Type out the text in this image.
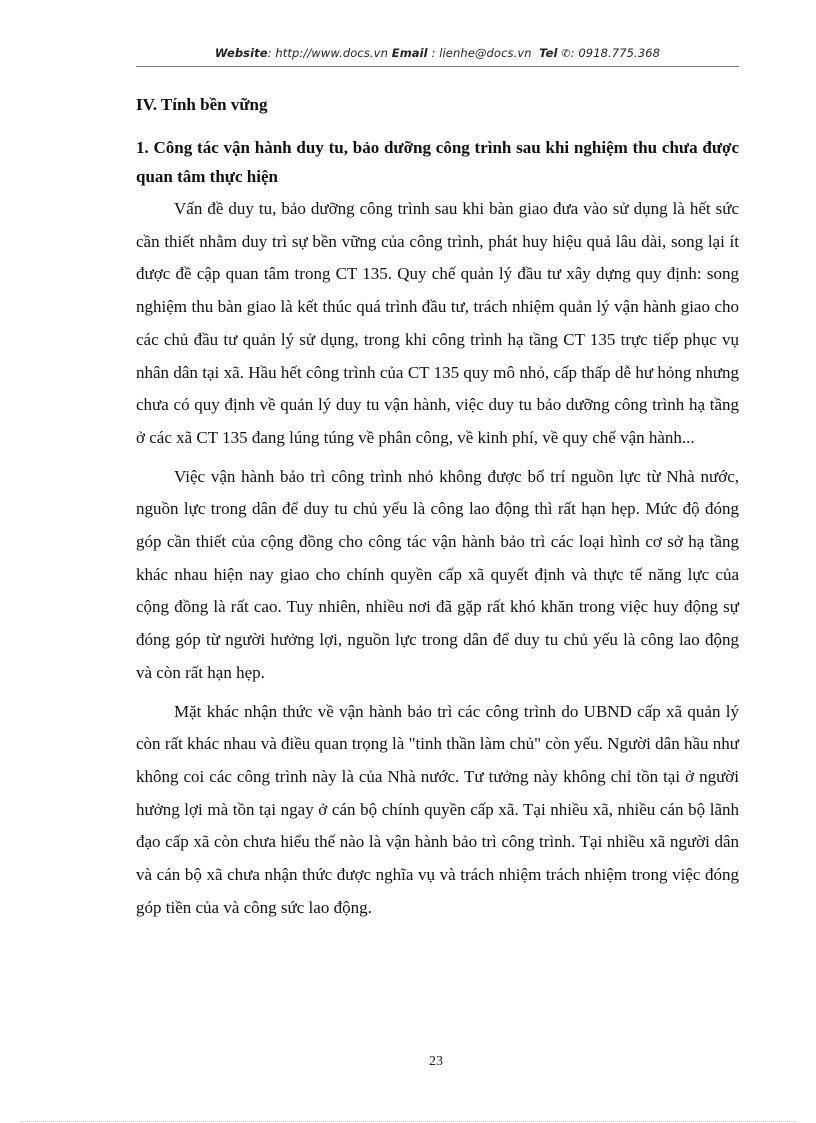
Website: http://www.docs.vn Email : lienhe@docs.vn Tel ✆: 0918.775.368
IV. Tính bền vững
1. Công tác vận hành duy tu, bảo dưỡng công trình sau khi nghiệm thu chưa được quan tâm thực hiện

Vấn đề duy tu, bảo dưỡng công trình sau khi bàn giao đưa vào sử dụng là hết sức cần thiết nhằm duy trì sự bền vững của công trình, phát huy hiệu quả lâu dài, song lại ít được đề cập quan tâm trong CT 135. Quy chế quản lý đầu tư xây dựng quy định: song nghiệm thu bàn giao là kết thúc quá trình đầu tư, trách nhiệm quản lý vận hành giao cho các chủ đầu tư quản lý sử dụng, trong khi công trình hạ tầng CT 135 trực tiếp phục vụ nhân dân tại xã. Hầu hết công trình của CT 135 quy mô nhỏ, cấp thấp dễ hư hỏng nhưng chưa có quy định về quản lý duy tu vận hành, việc duy tu bảo dưỡng công trình hạ tầng ở các xã CT 135 đang lúng túng về phân công, về kinh phí, về quy chế vận hành...

Việc vận hành bảo trì công trình nhỏ không được bố trí nguồn lực từ Nhà nước, nguồn lực trong dân để duy tu chủ yếu là công lao động thì rất hạn hẹp. Mức độ đóng góp cần thiết của cộng đồng cho công tác vận hành bảo trì các loại hình cơ sở hạ tầng khác nhau hiện nay giao cho chính quyền cấp xã quyết định và thực tế năng lực của cộng đồng là rất cao. Tuy nhiên, nhiều nơi đã gặp rất khó khăn trong việc huy động sự đóng góp từ người hưởng lợi, nguồn lực trong dân để duy tu chủ yếu là công lao động và còn rất hạn hẹp.

Mặt khác nhận thức về vận hành bảo trì các công trình do UBND cấp xã quản lý còn rất khác nhau và điều quan trọng là "tinh thần làm chủ" còn yếu. Người dân hầu như không coi các công trình này là của Nhà nước. Tư tưởng này không chỉ tồn tại ở người hưởng lợi mà tồn tại ngay ở cán bộ chính quyền cấp xã. Tại nhiều xã, nhiều cán bộ lãnh đạo cấp xã còn chưa hiểu thế nào là vận hành bảo trì công trình. Tại nhiều xã người dân và cán bộ xã chưa nhận thức được nghĩa vụ và trách nhiệm trách nhiệm trong việc đóng góp tiền của và công sức lao động.

23
